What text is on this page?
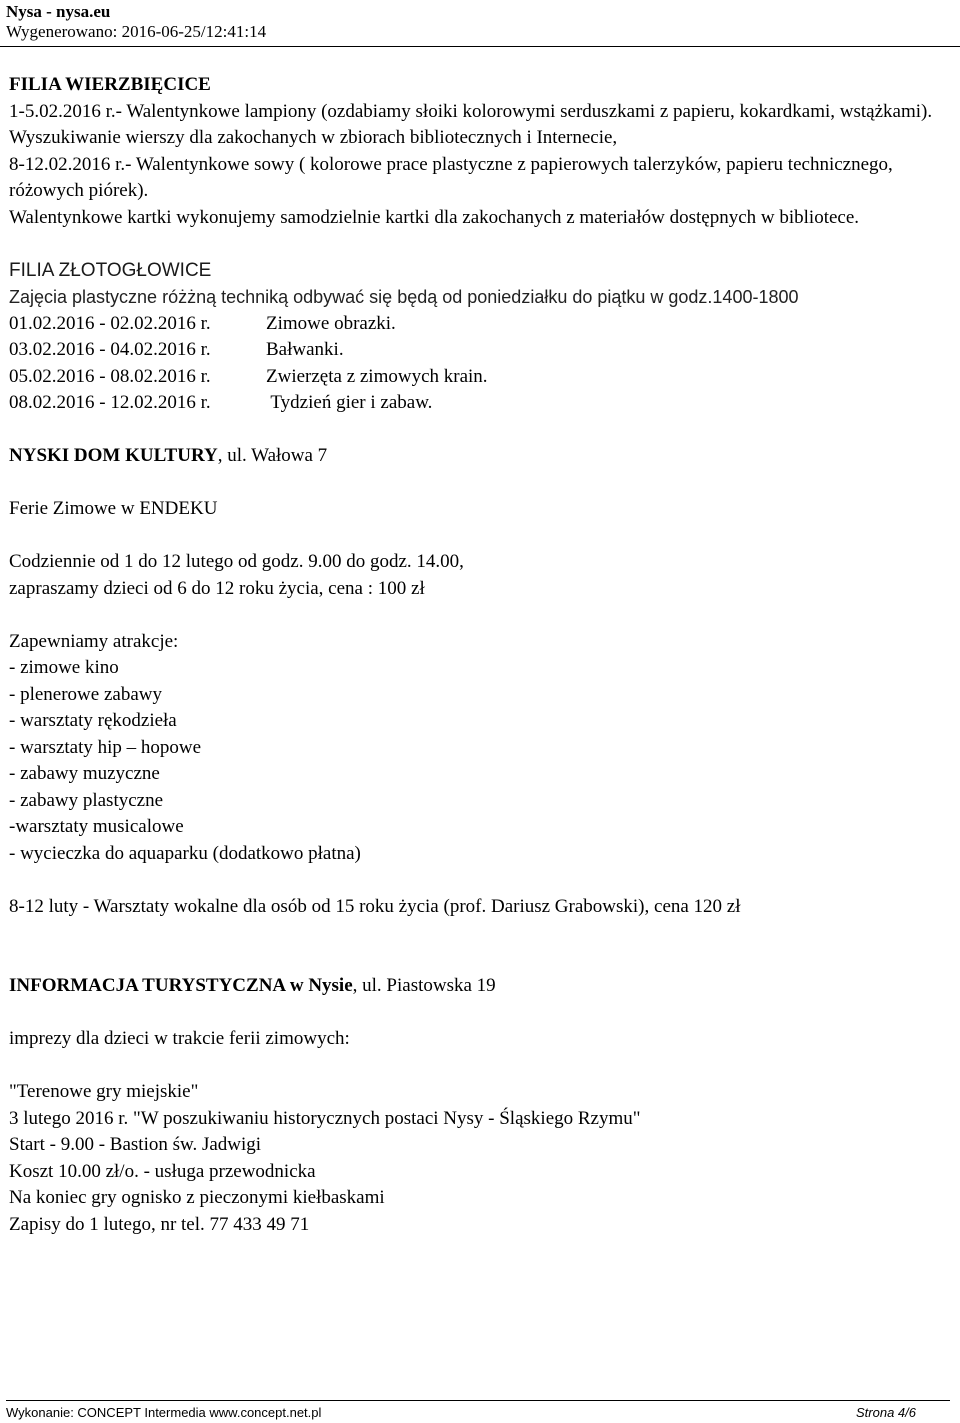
Nysa - nysa.eu
Wygenerowano: 2016-06-25/12:41:14
FILIA WIERZBIĘCICE
1-5.02.2016 r.- Walentynkowe lampiony (ozdabiamy słoiki kolorowymi serduszkami z papieru, kokardkami, wstążkami).
Wyszukiwanie wierszy dla zakochanych w zbiorach bibliotecznych i Internecie,
8-12.02.2016 r.- Walentynkowe sowy ( kolorowe prace plastyczne z papierowych talerzyków, papieru technicznego, różowych piórek).
Walentynkowe kartki wykonujemy samodzielnie kartki dla zakochanych z materiałów dostępnych w bibliotece.
FILIA ZŁOTOGŁOWICE
Zajęcia plastyczne różżną techniką odbywać się będą od poniedziałku do piątku w godz.1400-1800
01.02.2016 - 02.02.2016 r.	Zimowe obrazki.
03.02.2016 - 04.02.2016 r.	Bałwanki.
05.02.2016 - 08.02.2016 r.	Zwierzęta z zimowych krain.
08.02.2016 - 12.02.2016 r.	Tydzień gier i zabaw.
NYSKI DOM KULTURY, ul. Wałowa 7
Ferie Zimowe w ENDEKU
Codziennie od 1 do 12 lutego od godz. 9.00 do godz. 14.00,
zapraszamy dzieci od 6 do 12 roku życia, cena : 100 zł
Zapewniamy atrakcje:
- zimowe kino
- plenerowe zabawy
- warsztaty rękodzieła
- warsztaty hip – hopowe
- zabawy muzyczne
- zabawy plastyczne
-warsztaty musicalowe
- wycieczka do aquaparku (dodatkowo płatna)
8-12 luty - Warsztaty wokalne dla osób od 15 roku życia (prof. Dariusz Grabowski), cena 120 zł
INFORMACJA TURYSTYCZNA w Nysie, ul. Piastowska 19
imprezy dla dzieci w trakcie ferii zimowych:
"Terenowe gry miejskie"
3 lutego 2016 r. "W poszukiwaniu historycznych postaci Nysy - Śląskiego Rzymu"
Start - 9.00 - Bastion św. Jadwigi
Koszt 10.00 zł/o. - usługa przewodnicka
Na koniec gry ognisko z pieczonymi kiełbaskami
Zapisy do 1 lutego, nr tel. 77 433 49 71
Wykonanie: CONCEPT Intermedia www.concept.net.pl	Strona 4/6
